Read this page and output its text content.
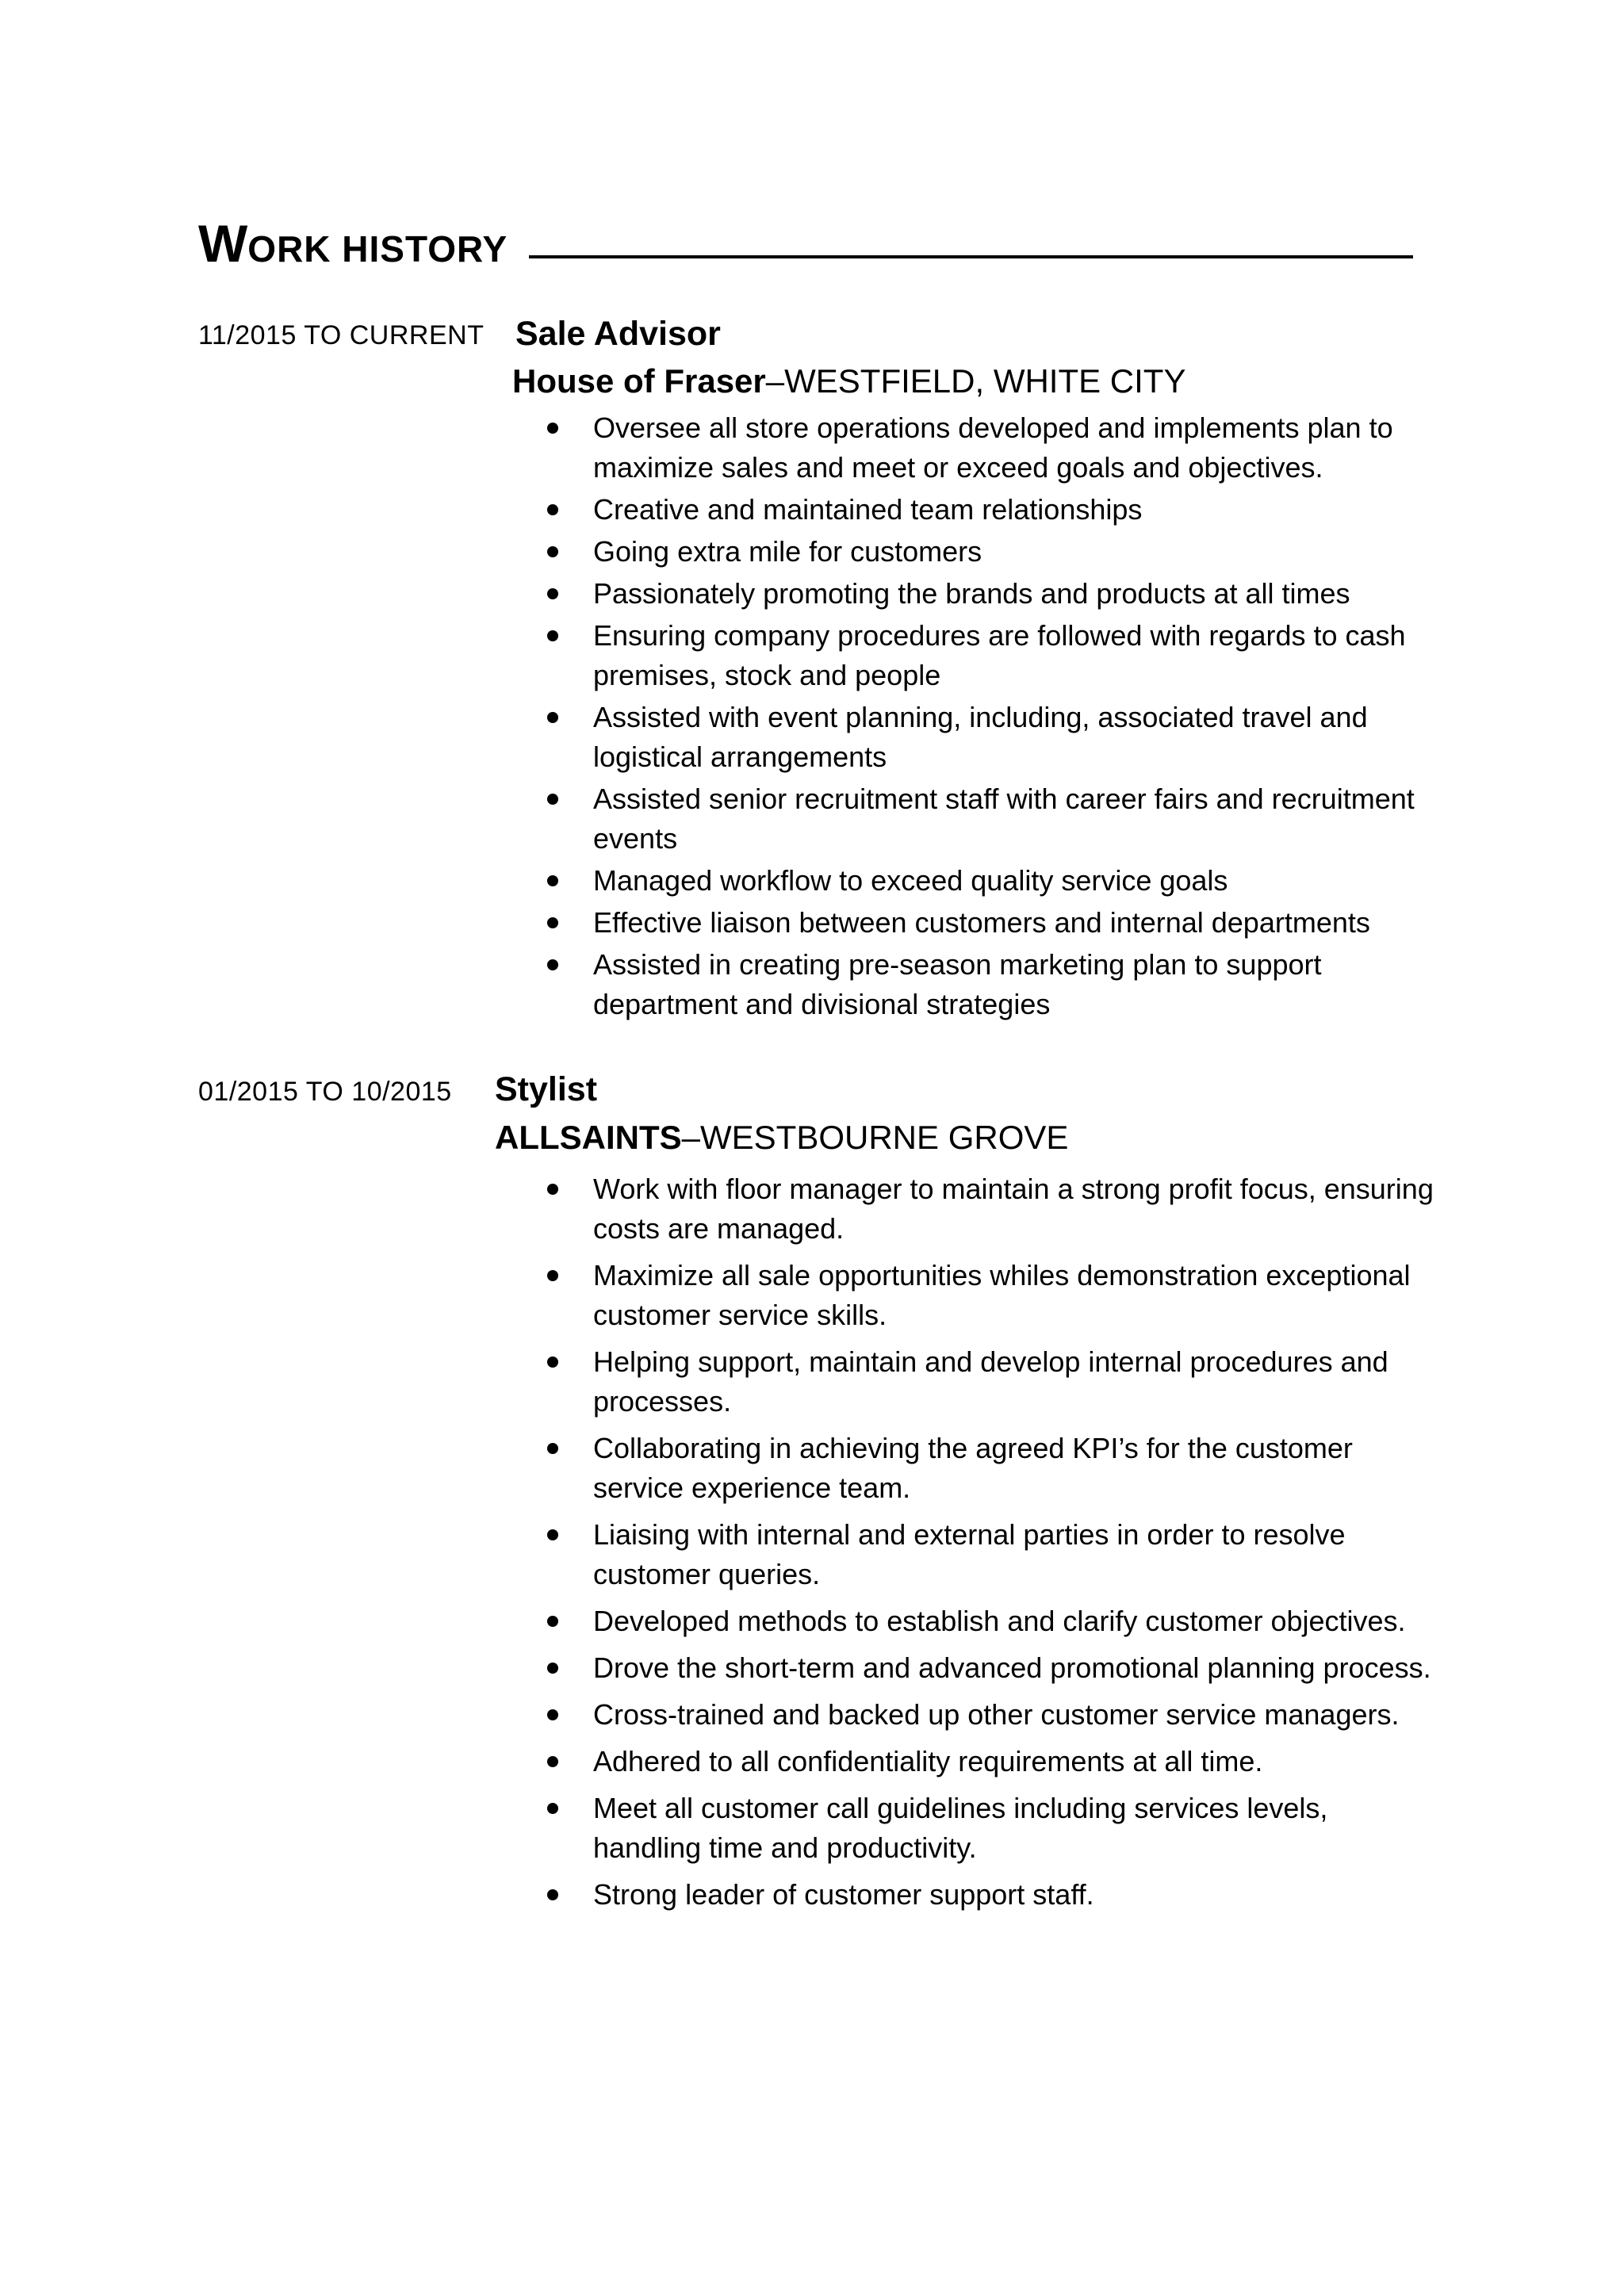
W ORK HISTORY
11/2015 TO CURRENT Sale Advisor
House of Fraser–WESTFIELD, WHITE CITY
Oversee all store operations developed and implements plan to maximize sales and meet or exceed goals and objectives.
Creative and maintained team relationships
Going extra mile for customers
Passionately promoting the brands and products at all times
Ensuring company procedures are followed with regards to cash premises, stock and people
Assisted with event planning, including, associated travel and logistical arrangements
Assisted senior recruitment staff with career fairs and recruitment events
Managed workflow to exceed quality service goals
Effective liaison between customers and internal departments
Assisted in creating pre-season marketing plan to support department and divisional strategies
01/2015 TO 10/2015 Stylist
ALLSAINTS–WESTBOURNE GROVE
Work with floor manager to maintain a strong profit focus, ensuring costs are managed.
Maximize all sale opportunities whiles demonstration exceptional customer service skills.
Helping support, maintain and develop internal procedures and processes.
Collaborating in achieving the agreed KPI’s for the customer service experience team.
Liaising with internal and external parties in order to resolve customer queries.
Developed methods to establish and clarify customer objectives.
Drove the short-term and advanced promotional planning process.
Cross-trained and backed up other customer service managers.
Adhered to all confidentiality requirements at all time.
Meet all customer call guidelines including services levels, handling time and productivity.
Strong leader of customer support staff.
